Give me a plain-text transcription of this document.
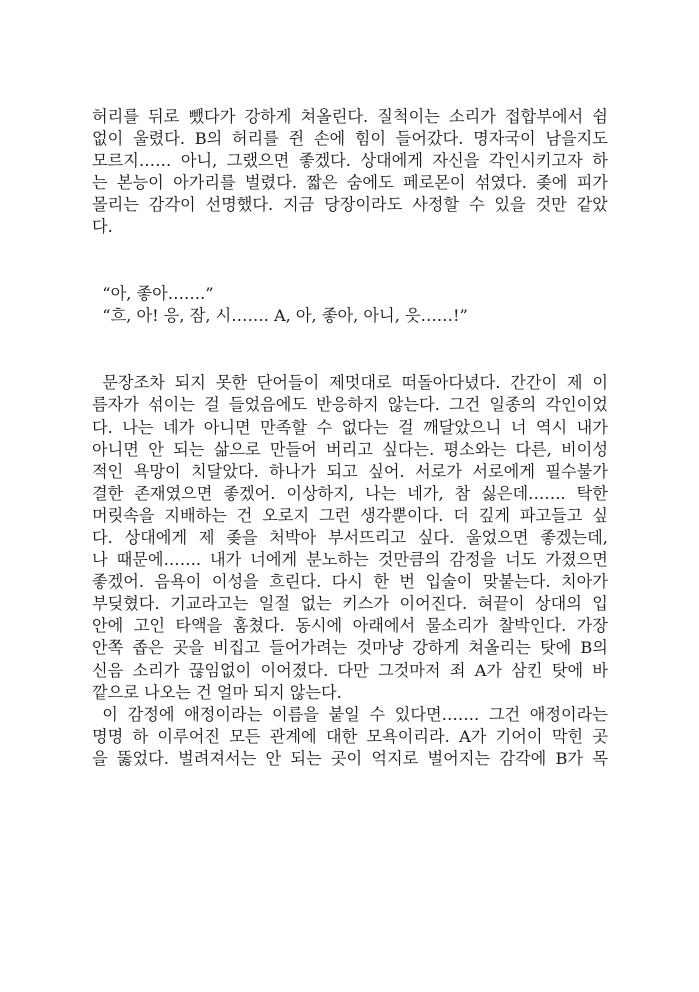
허리를 뒤로 뺐다가 강하게 쳐올린다. 질척이는 소리가 접합부에서 쉼
없이 울렸다. B의 허리를 쥔 손에 힘이 들어갔다. 명자국이 남을지도
모르지…… 아니, 그랬으면 좋겠다. 상대에게 자신을 각인시키고자 하
는 본능이 아가리를 벌렸다. 짧은 숨에도 페로몬이 섞였다. 좆에 피가
몰리는 감각이 선명했다. 지금 당장이라도 사정할 수 있을 것만 같았
다.
“아, 좋아…….”
“흐, 아! 응, 잠, 시……. A, 아, 좋아, 아니, 읏……!”
문장조차 되지 못한 단어들이 제멋대로 떠돌아다녔다. 간간이 제 이
름자가 섞이는 걸 들었음에도 반응하지 않는다. 그건 일종의 각인이었
다. 나는 네가 아니면 만족할 수 없다는 걸 깨달았으니 너 역시 내가
아니면 안 되는 삶으로 만들어 버리고 싶다는. 평소와는 다른, 비이성
적인 욕망이 치달았다. 하나가 되고 싶어. 서로가 서로에게 필수불가
결한 존재였으면 좋겠어. 이상하지, 나는 네가, 참 싫은데……. 탁한
머릿속을 지배하는 건 오로지 그런 생각뿐이다. 더 깊게 파고들고 싶
다. 상대에게 제 좆을 처박아 부서뜨리고 싶다. 울었으면 좋겠는데,
나 때문에……. 내가 너에게 분노하는 것만큼의 감정을 너도 가졌으면
좋겠어. 음욕이 이성을 흐린다. 다시 한 번 입술이 맞붙는다. 치아가
부딪혔다. 기교라고는 일절 없는 키스가 이어진다. 혀끝이 상대의 입
안에 고인 타액을 훔쳤다. 동시에 아래에서 물소리가 찰박인다. 가장
안쪽 좁은 곳을 비집고 들어가려는 것마냥 강하게 쳐올리는 탓에 B의
신음 소리가 끊임없이 이어졌다. 다만 그것마저 죄 A가 삼킨 탓에 바
깥으로 나오는 건 얼마 되지 않는다.
이 감정에 애정이라는 이름을 붙일 수 있다면……. 그건 애정이라는
명명 하 이루어진 모든 관계에 대한 모욕이리라. A가 기어이 막힌 곳
을 뚫었다. 벌려져서는 안 되는 곳이 억지로 벌어지는 감각에 B가 목
